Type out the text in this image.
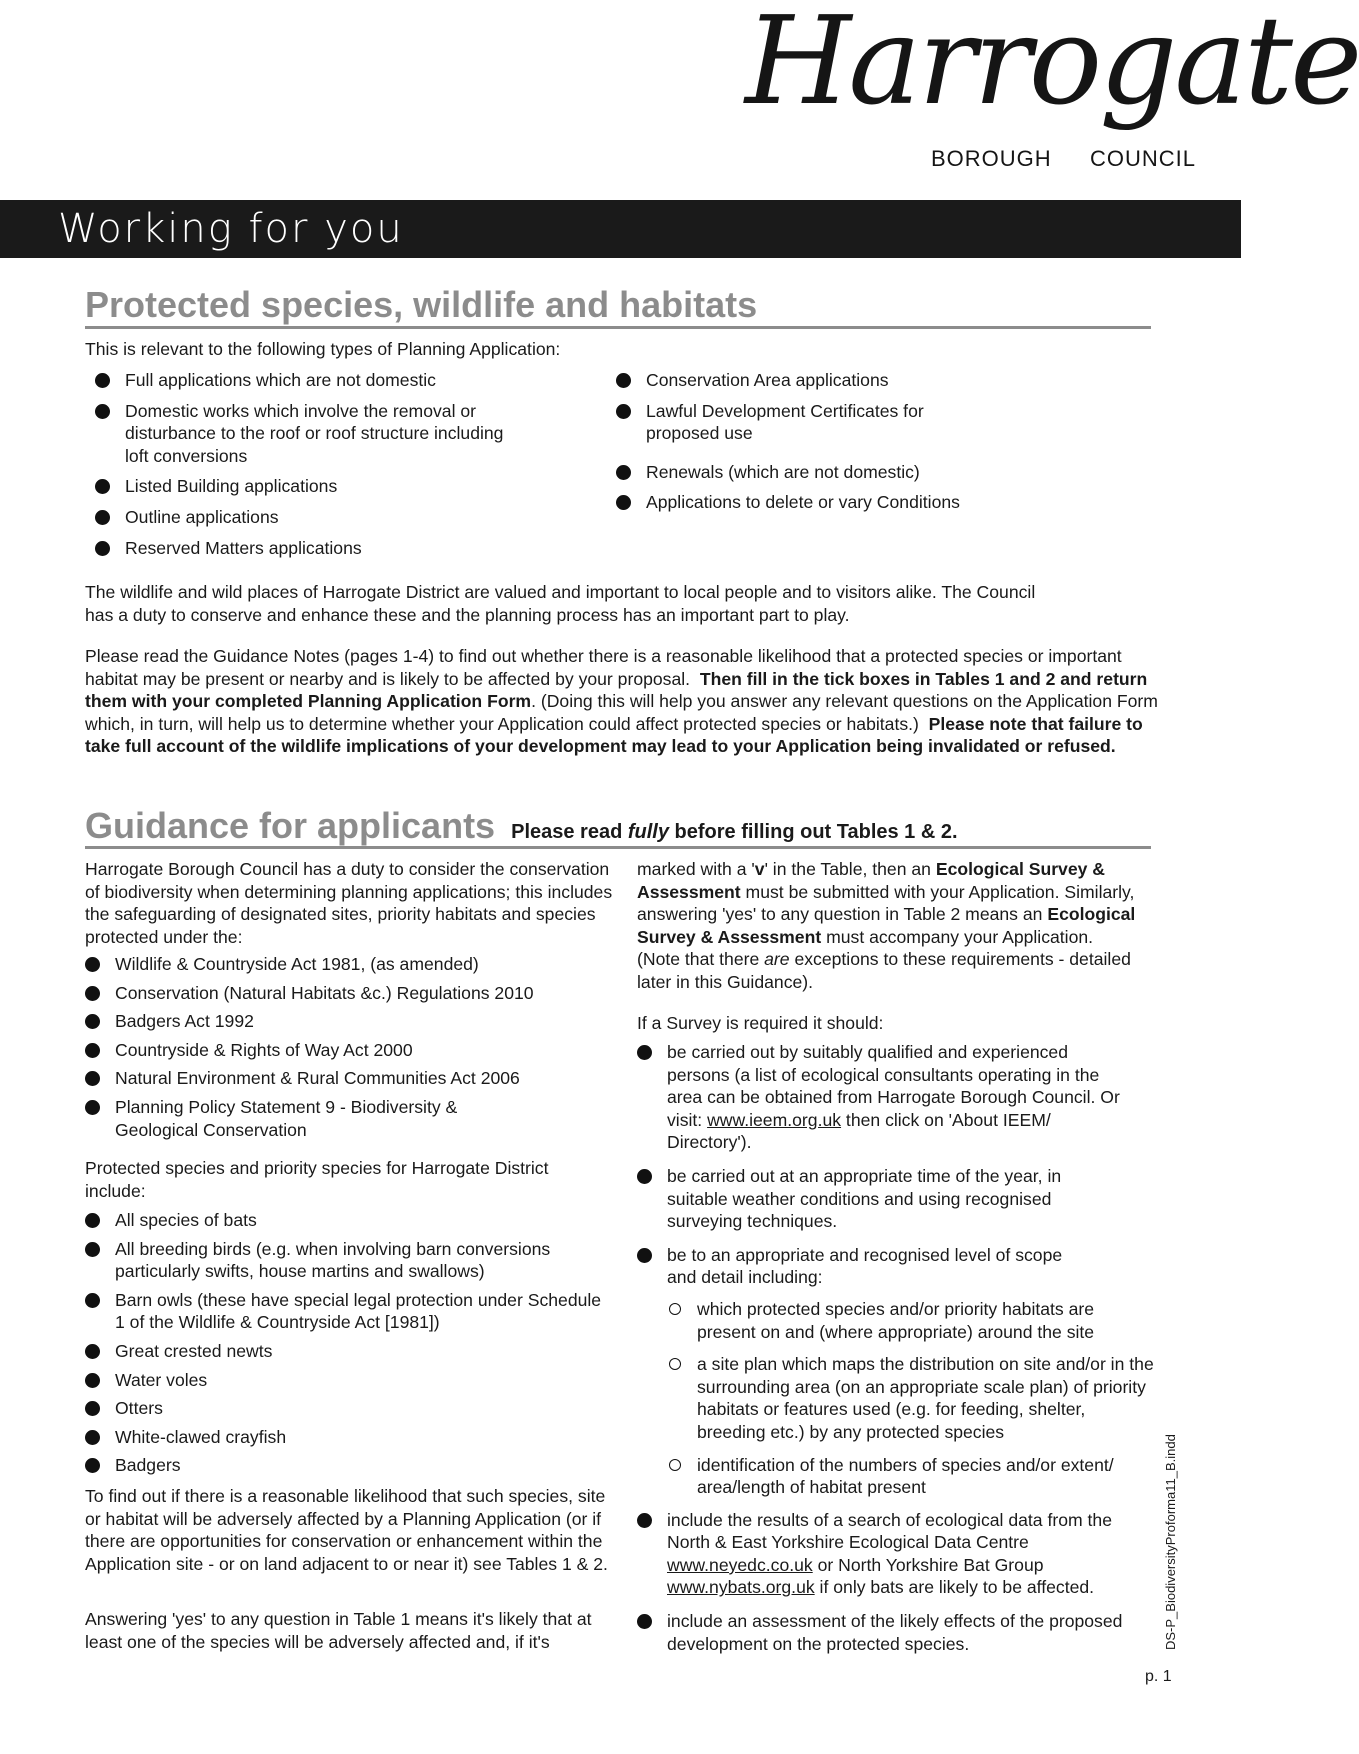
Harrogate
BOROUGH COUNCIL
Working for you
Protected species, wildlife and habitats
This is relevant to the following types of Planning Application:
Full applications which are not domestic
Domestic works which involve the removal or disturbance to the roof or roof structure including loft conversions
Listed Building applications
Outline applications
Reserved Matters applications
Conservation Area applications
Lawful Development Certificates for proposed use
Renewals (which are not domestic)
Applications to delete or vary Conditions
The wildlife and wild places of Harrogate District are valued and important to local people and to visitors alike. The Council has a duty to conserve and enhance these and the planning process has an important part to play.
Please read the Guidance Notes (pages 1-4) to find out whether there is a reasonable likelihood that a protected species or important habitat may be present or nearby and is likely to be affected by your proposal. Then fill in the tick boxes in Tables 1 and 2 and return them with your completed Planning Application Form. (Doing this will help you answer any relevant questions on the Application Form which, in turn, will help us to determine whether your Application could affect protected species or habitats.) Please note that failure to take full account of the wildlife implications of your development may lead to your Application being invalidated or refused.
Guidance for applicants Please read fully before filling out Tables 1 & 2.
Harrogate Borough Council has a duty to consider the conservation of biodiversity when determining planning applications; this includes the safeguarding of designated sites, priority habitats and species protected under the:
Wildlife & Countryside Act 1981, (as amended)
Conservation (Natural Habitats &c.) Regulations 2010
Badgers Act 1992
Countryside & Rights of Way Act 2000
Natural Environment & Rural Communities Act 2006
Planning Policy Statement 9 - Biodiversity & Geological Conservation
Protected species and priority species for Harrogate District include:
All species of bats
All breeding birds (e.g. when involving barn conversions particularly swifts, house martins and swallows)
Barn owls (these have special legal protection under Schedule 1 of the Wildlife & Countryside Act [1981])
Great crested newts
Water voles
Otters
White-clawed crayfish
Badgers
To find out if there is a reasonable likelihood that such species, site or habitat will be adversely affected by a Planning Application (or if there are opportunities for conservation or enhancement within the Application site - or on land adjacent to or near it) see Tables 1 & 2.
Answering 'yes' to any question in Table 1 means it's likely that at least one of the species will be adversely affected and, if it's
marked with a 'v' in the Table, then an Ecological Survey & Assessment must be submitted with your Application. Similarly, answering 'yes' to any question in Table 2 means an Ecological Survey & Assessment must accompany your Application. (Note that there are exceptions to these requirements - detailed later in this Guidance).
If a Survey is required it should:
be carried out by suitably qualified and experienced persons (a list of ecological consultants operating in the area can be obtained from Harrogate Borough Council. Or visit: www.ieem.org.uk then click on 'About IEEM/ Directory').
be carried out at an appropriate time of the year, in suitable weather conditions and using recognised surveying techniques.
be to an appropriate and recognised level of scope and detail including:
which protected species and/or priority habitats are present on and (where appropriate) around the site
a site plan which maps the distribution on site and/or in the surrounding area (on an appropriate scale plan) of priority habitats or features used (e.g. for feeding, shelter, breeding etc.) by any protected species
identification of the numbers of species and/or extent/ area/length of habitat present
include the results of a search of ecological data from the North & East Yorkshire Ecological Data Centre www.neyedc.co.uk or North Yorkshire Bat Group www.nybats.org.uk if only bats are likely to be affected.
include an assessment of the likely effects of the proposed development on the protected species.	DS-P_BiodiversityProforma11_B.indd
p. 1
